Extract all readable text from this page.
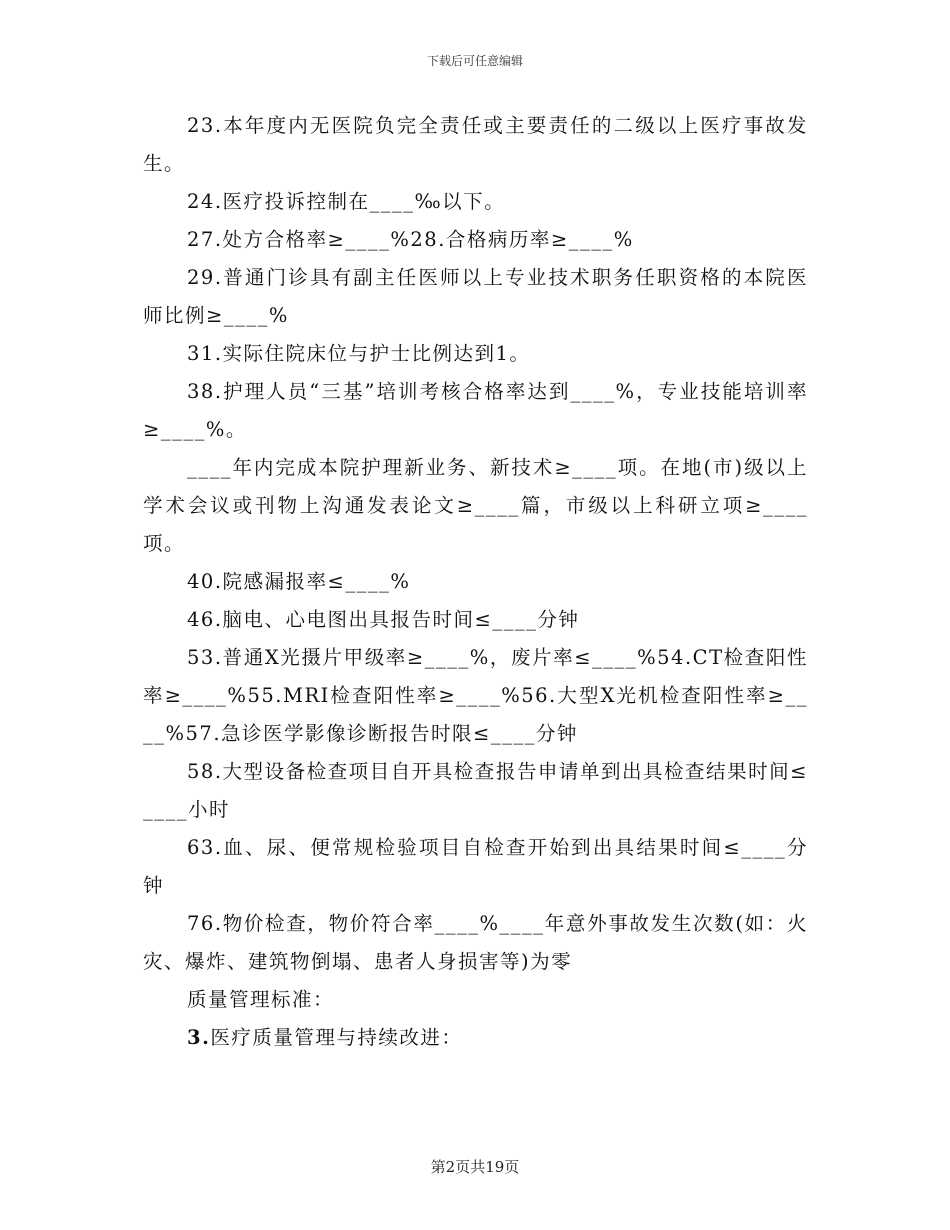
下载后可任意编辑

23.本年度内无医院负完全责任或主要责任的二级以上医疗事故发生。

24.医疗投诉控制在____‰以下。

27.处方合格率≥____%28.合格病历率≥____%

29.普通门诊具有副主任医师以上专业技术职务任职资格的本院医师比例≥____%

31.实际住院床位与护士比例达到1。

38.护理人员“三基”培训考核合格率达到____%，专业技能培训率≥____%。

____年内完成本院护理新业务、新技术≥____项。在地(市)级以上学术会议或刊物上沟通发表论文≥____篇，市级以上科研立项≥____项。

40.院感漏报率≤____%

46.脑电、心电图出具报告时间≤____分钟

53.普通X光摄片甲级率≥____%，废片率≤____%54.CT检查阳性率≥____%55.MRI检查阳性率≥____%56.大型X光机检查阳性率≥____%57.急诊医学影像诊断报告时限≤____分钟

58.大型设备检查项目自开具检查报告申请单到出具检查结果时间≤____小时

63.血、尿、便常规检验项目自检查开始到出具结果时间≤____分钟

76.物价检查，物价符合率____%____年意外事故发生次数(如：火灾、爆炸、建筑物倒塌、患者人身损害等)为零

质量管理标准：

3.医疗质量管理与持续改进：

第2页共19页
